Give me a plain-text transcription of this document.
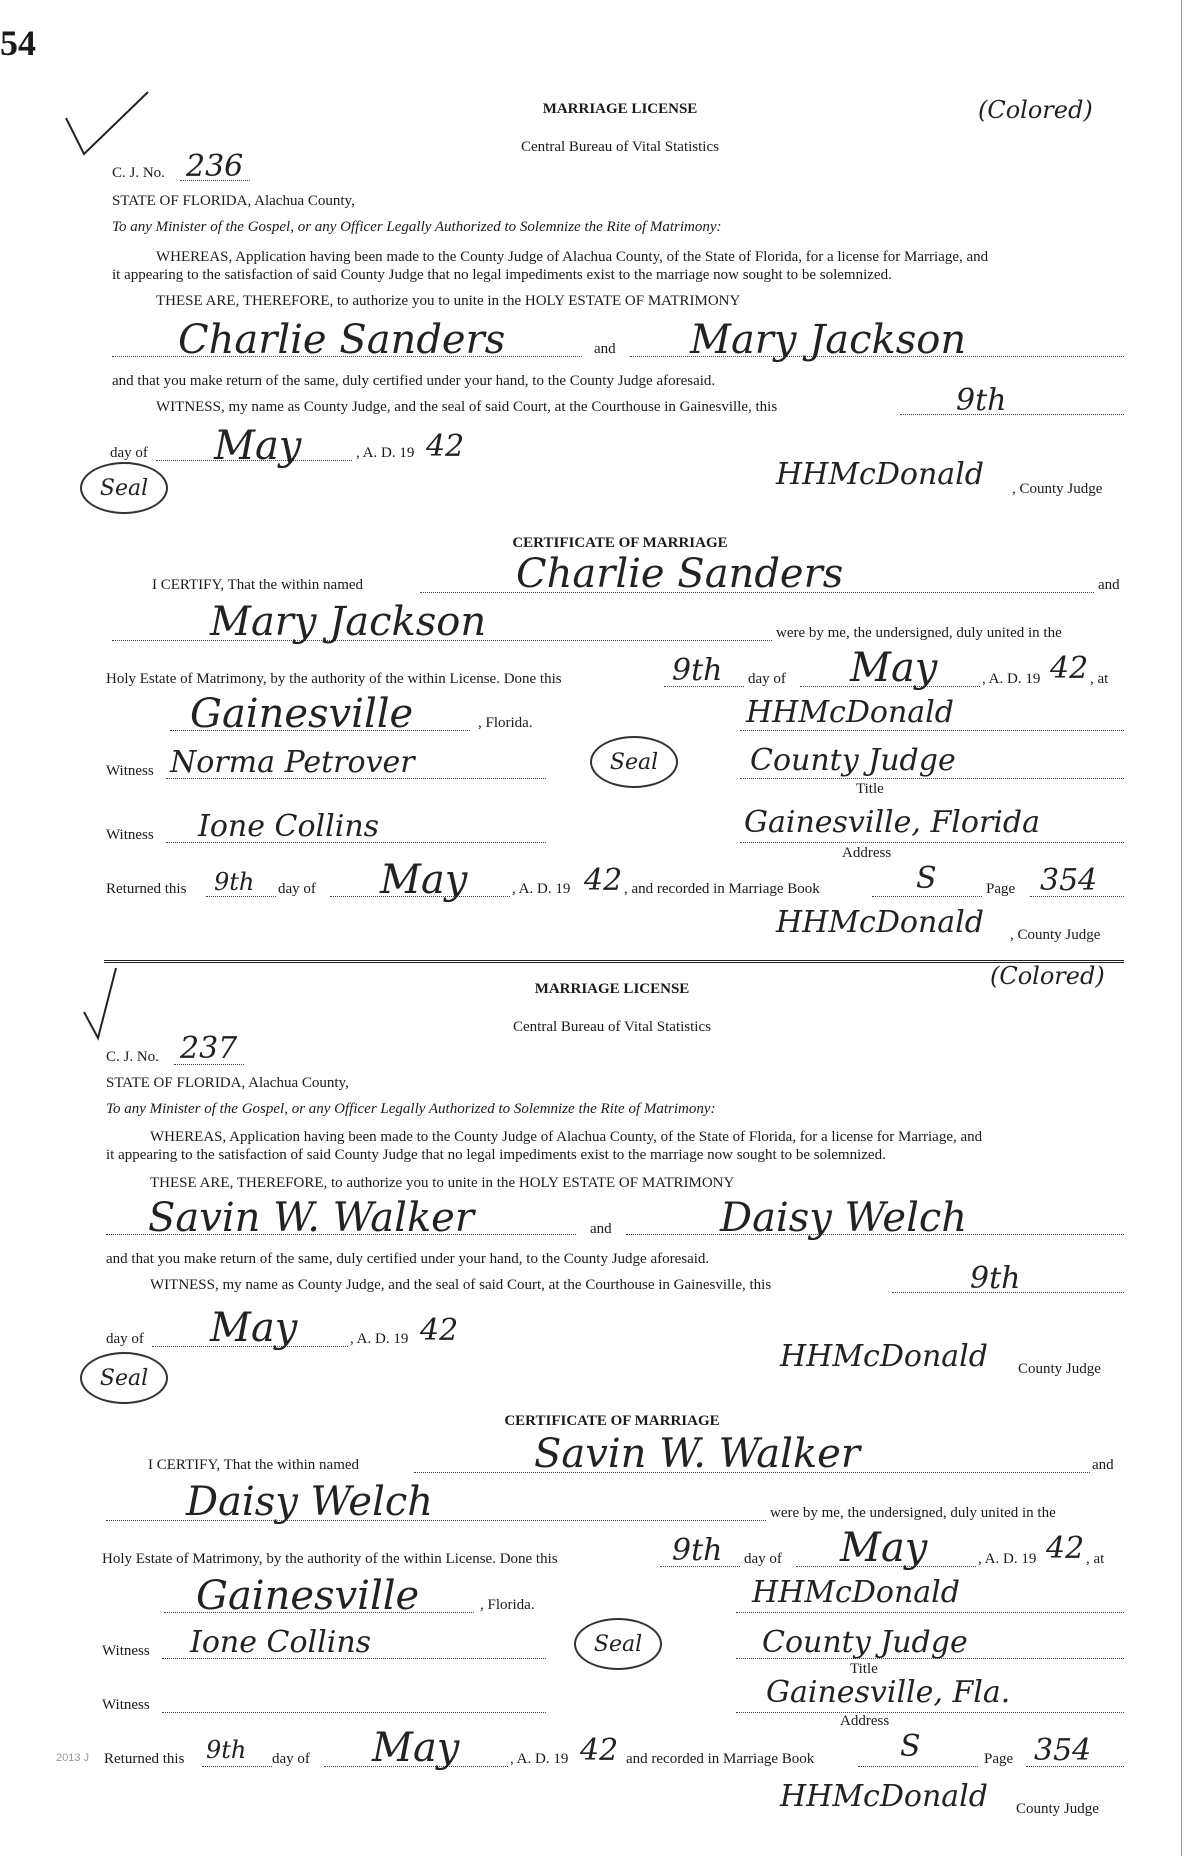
54
MARRIAGE LICENSE	(Colored)
Central Bureau of Vital Statistics
C. J. No. 236
STATE OF FLORIDA, Alachua County,
To any Minister of the Gospel, or any Officer Legally Authorized to Solemnize the Rite of Matrimony:
WHEREAS, Application having been made to the County Judge of Alachua County, of the State of Florida, for a license for Marriage, and
it appearing to the satisfaction of said County Judge that no legal impediments exist to the marriage now sought to be solemnized.
THESE ARE, THEREFORE, to authorize you to unite in the HOLY ESTATE OF MATRIMONY
Charlie Sanders	and Mary Jackson
and that you make return of the same, duly certified under your hand, to the County Judge aforesaid.
WITNESS, my name as County Judge, and the seal of said Court, at the Courthouse in Gainesville, this	9th
day of May	, A. D. 19 42
Seal	HHMcDonald , County Judge
CERTIFICATE OF MARRIAGE
I CERTIFY, That the within named	Charlie Sanders	and
Mary Jackson	were by me, the undersigned, duly united in the
Holy Estate of Matrimony, by the authority of the within License. Done this	9th day of May	, A. D. 19 42 , at
Gainesville	, Florida.	HHMcDonald
Witness Norma Petrover	Seal	County Judge
Title
Witness Ione Collins	Gainesville, Florida
Address
Returned this 9th day of May	, A. D. 19 42 , and recorded in Marriage Book	S	Page 354
HHMcDonald , County Judge
MARRIAGE LICENSE	(Colored)
Central Bureau of Vital Statistics
C. J. No. 237
STATE OF FLORIDA, Alachua County,
To any Minister of the Gospel, or any Officer Legally Authorized to Solemnize the Rite of Matrimony:
WHEREAS, Application having been made to the County Judge of Alachua County, of the State of Florida, for a license for Marriage, and
it appearing to the satisfaction of said County Judge that no legal impediments exist to the marriage now sought to be solemnized.
THESE ARE, THEREFORE, to authorize you to unite in the HOLY ESTATE OF MATRIMONY
Savin W. Walker	and	Daisy Welch
and that you make return of the same, duly certified under your hand, to the County Judge aforesaid.
WITNESS, my name as County Judge, and the seal of said Court, at the Courthouse in Gainesville, this	9th
day of May	, A. D. 19 42
Seal
HHMcDonald County Judge
CERTIFICATE OF MARRIAGE
I CERTIFY, That the within named	Savin W. Walker	and
Daisy Welch	were by me, the undersigned, duly united in the
Holy Estate of Matrimony, by the authority of the within License. Done this	9th day of May	, A. D. 19 42 , at
Gainesville	, Florida.	HHMcDonald
Witness Ione Collins	Seal	County Judge
Title
Witness	Gainesville, Fla.
Address
2013 J Returned this 9th day of May	, A. D. 19 42 and recorded in Marriage Book	S	Page 354
HHMcDonald County Judge
